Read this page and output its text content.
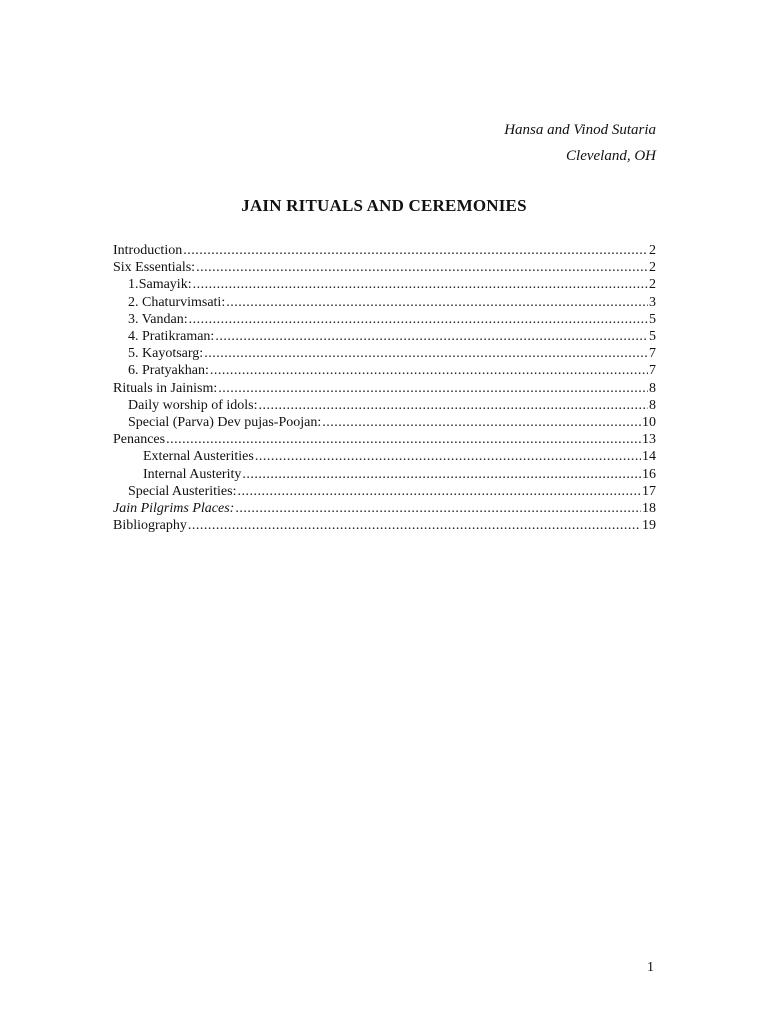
Hansa and Vinod Sutaria
Cleveland, OH
JAIN RITUALS AND CEREMONIES
Introduction .....	2
Six Essentials: .....	2
1. Samayik: .....	2
2. Chaturvimsati: .....	3
3. Vandan: .....	5
4. Pratikraman: .....	5
5. Kayotsarg: .....	7
6. Pratyakhan: .....	7
Rituals in Jainism: .....	8
Daily worship of idols: .....	8
Special (Parva) Dev pujas-Poojan: .....	10
Penances .....	13
External Austerities .....	14
Internal Austerity .....	16
Special Austerities: .....	17
Jain Pilgrims Places: .....	18
Bibliography .....	19
1
